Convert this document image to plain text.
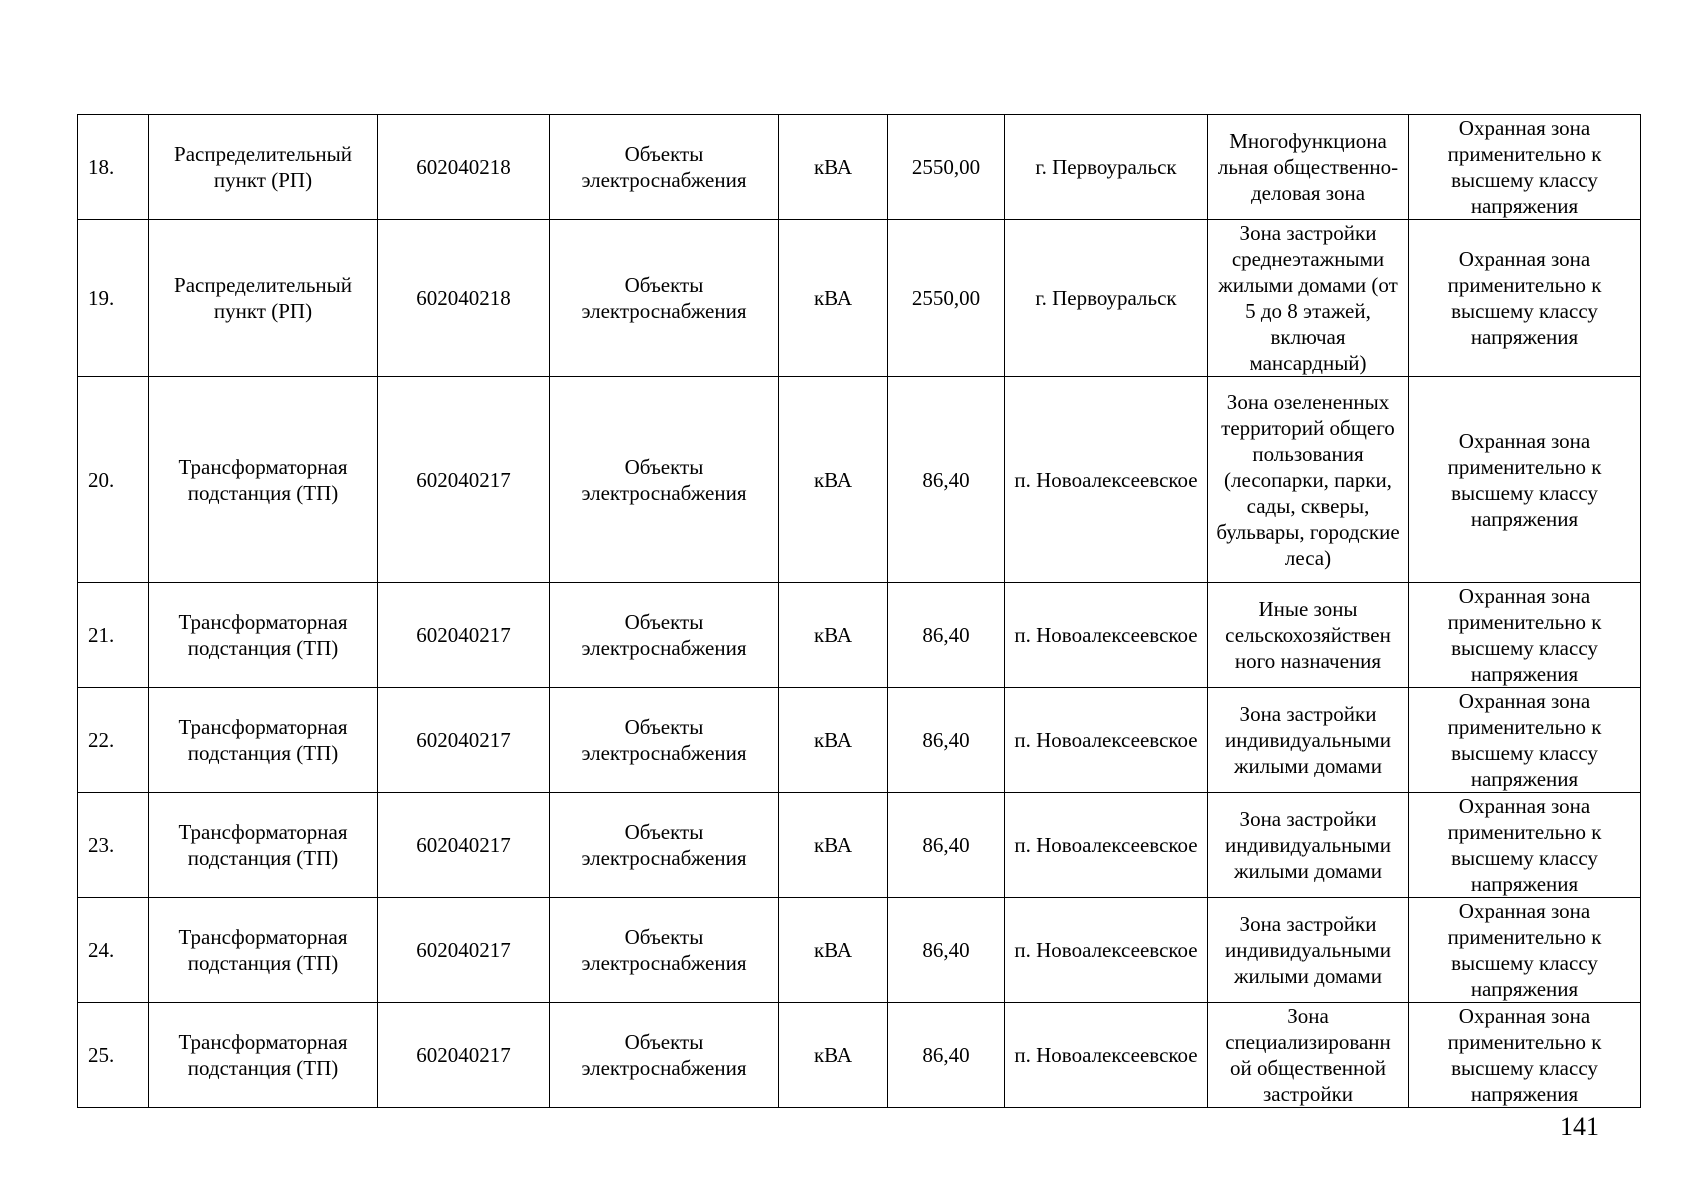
18.	Распределительный пункт (РП)	602040218	Объекты электроснабжения	кВА	2550,00	г. Первоуральск	Многофункциона льная общественно-деловая зона	Охранная зона применительно к высшему классу напряжения
19.	Распределительный пункт (РП)	602040218	Объекты электроснабжения	кВА	2550,00	г. Первоуральск	Зона застройки среднеэтажными жилыми домами (от 5 до 8 этажей, включая мансардный)	Охранная зона применительно к высшему классу напряжения
20.	Трансформаторная подстанция (ТП)	602040217	Объекты электроснабжения	кВА	86,40	п. Новоалексеевское	Зона озелененных территорий общего пользования (лесопарки, парки, сады, скверы, бульвары, городские леса)	Охранная зона применительно к высшему классу напряжения
21.	Трансформаторная подстанция (ТП)	602040217	Объекты электроснабжения	кВА	86,40	п. Новоалексеевское	Иные зоны сельскохозяйствен ного назначения	Охранная зона применительно к высшему классу напряжения
22.	Трансформаторная подстанция (ТП)	602040217	Объекты электроснабжения	кВА	86,40	п. Новоалексеевское	Зона застройки индивидуальными жилыми домами	Охранная зона применительно к высшему классу напряжения
23.	Трансформаторная подстанция (ТП)	602040217	Объекты электроснабжения	кВА	86,40	п. Новоалексеевское	Зона застройки индивидуальными жилыми домами	Охранная зона применительно к высшему классу напряжения
24.	Трансформаторная подстанция (ТП)	602040217	Объекты электроснабжения	кВА	86,40	п. Новоалексеевское	Зона застройки индивидуальными жилыми домами	Охранная зона применительно к высшему классу напряжения
25.	Трансформаторная подстанция (ТП)	602040217	Объекты электроснабжения	кВА	86,40	п. Новоалексеевское	Зона специализированн ой общественной застройки	Охранная зона применительно к высшему классу напряжения
141
